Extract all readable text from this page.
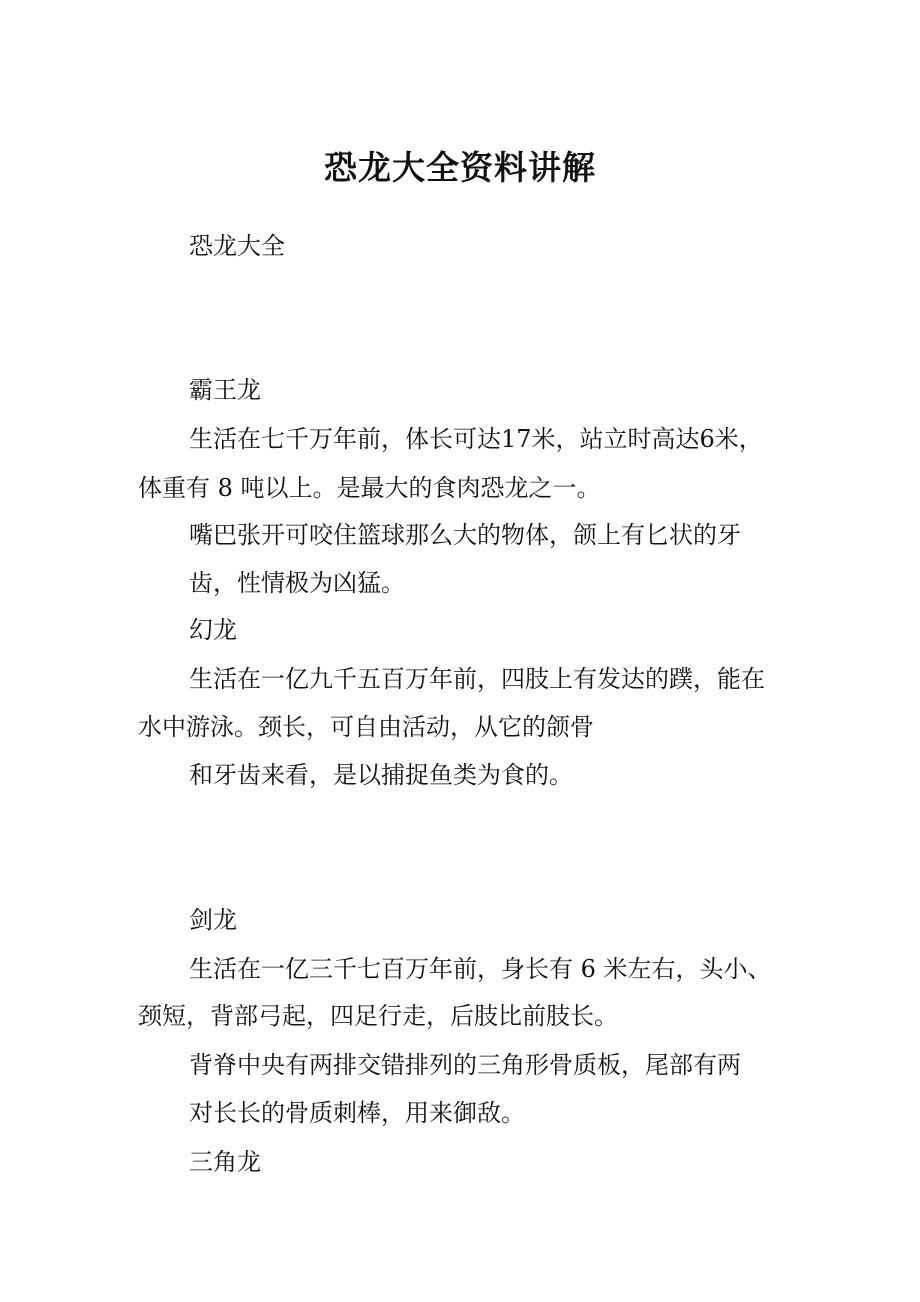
恐龙大全资料讲解
恐龙大全
霸王龙
生活在七千万年前，体长可达17米，站立时高达6米，
体重有 8 吨以上。是最大的食肉恐龙之一。
嘴巴张开可咬住篮球那么大的物体，颌上有匕状的牙
齿，性情极为凶猛。
幻龙
生活在一亿九千五百万年前，四肢上有发达的蹼，能在
水中游泳。颈长，可自由活动，从它的颌骨
和牙齿来看，是以捕捉鱼类为食的。
剑龙
生活在一亿三千七百万年前，身长有 6 米左右，头小、
颈短，背部弓起，四足行走，后肢比前肢长。
背脊中央有两排交错排列的三角形骨质板，尾部有两
对长长的骨质刺棒，用来御敌。
三角龙
